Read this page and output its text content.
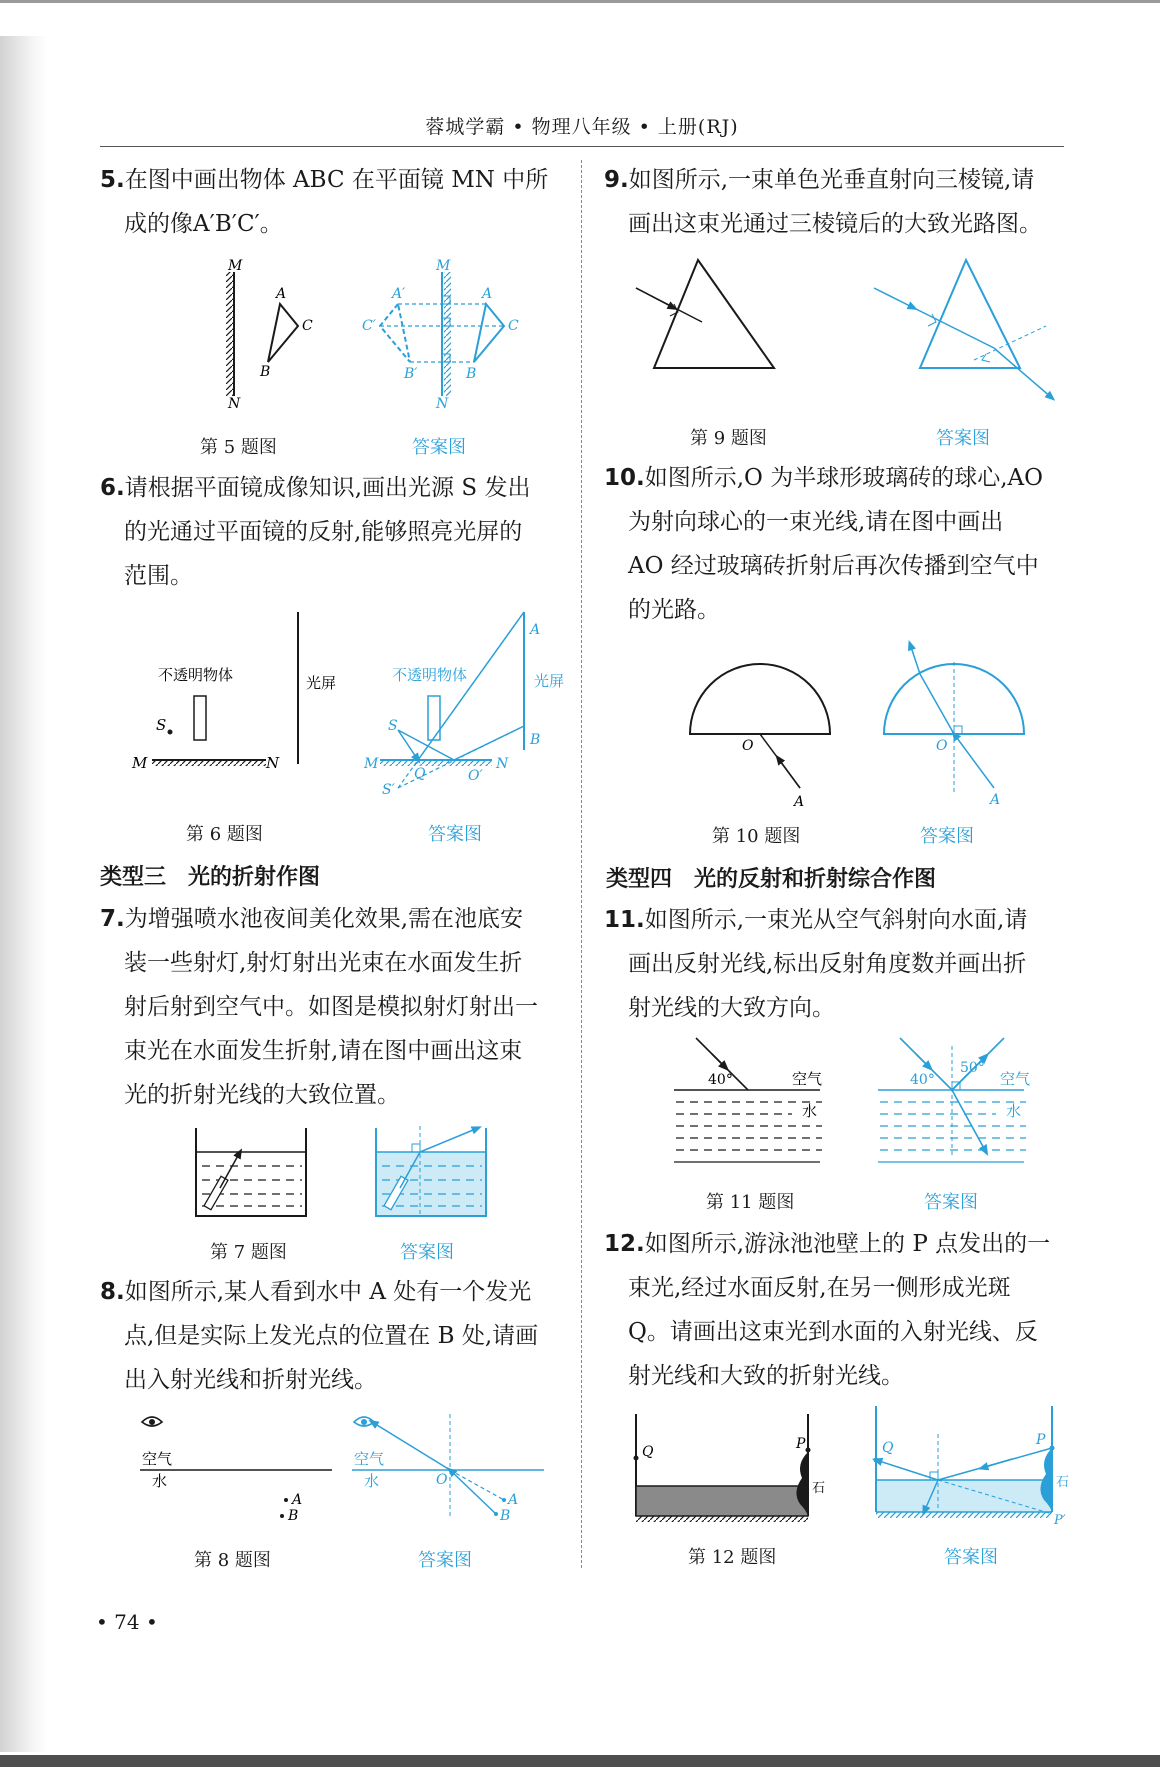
蓉城学霸 • 物理八年级 • 上册(RJ)
5.在图中画出物体 ABC 在平面镜 MN 中所
成的像A′B′C′。
M
N
A
C
B
M
N
A
C
B
A′
C′
B′
第 5 题图	答案图
6.请根据平面镜成像知识,画出光源 S 发出
的光通过平面镜的反射,能够照亮光屏的
范围。
不透明物体	光屏
S
M	N
不透明物体	光屏
A
B
S
M	N
S′
Q	O′
第 6 题图	答案图
类型三　光的折射作图
7.为增强喷水池夜间美化效果,需在池底安
装一些射灯,射灯射出光束在水面发生折
射后射到空气中。如图是模拟射灯射出一
束光在水面发生折射,请在图中画出这束
光的折射光线的大致位置。
第 7 题图	答案图
8.如图所示,某人看到水中 A 处有一个发光
点,但是实际上发光点的位置在 B 处,请画
出入射光线和折射光线。
空气
水
A
B
空气
水	O
A
B
第 8 题图	答案图
9.如图所示,一束单色光垂直射向三棱镜,请
画出这束光通过三棱镜后的大致光路图。
第 9 题图	答案图
10.如图所示,O 为半球形玻璃砖的球心,AO
为射向球心的一束光线,请在图中画出
AO 经过玻璃砖折射后再次传播到空气中
的光路。
O
A
O
A
第 10 题图	答案图
类型四　光的反射和折射综合作图
11.如图所示,一束光从空气斜射向水面,请
画出反射光线,标出反射角度数并画出折
射光线的大致方向。
40°	空气
水
40°
50°
空气
水
第 11 题图	答案图
12.如图所示,游泳池池壁上的 P 点发出的一
束光,经过水面反射,在另一侧形成光斑
Q。请画出这束光到水面的入射光线、反
射光线和大致的折射光线。
Q	P
石
Q	P
石
P′
第 12 题图	答案图
• 74 •
